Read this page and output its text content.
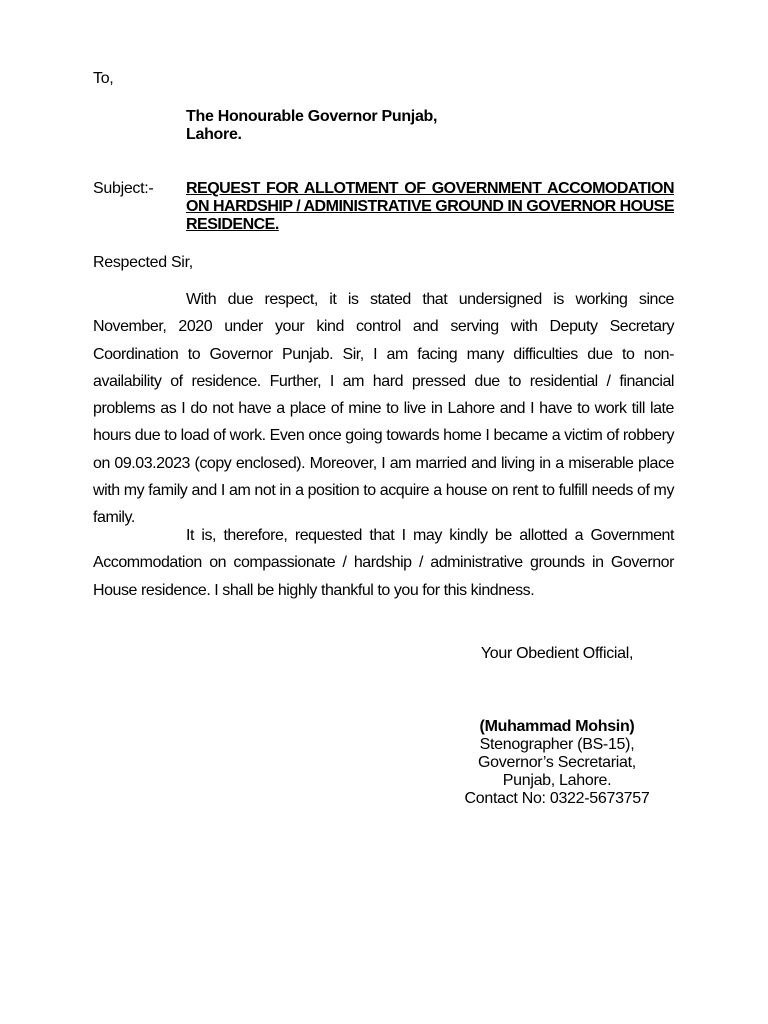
To,
The Honourable Governor Punjab,
Lahore.
Subject:- REQUEST FOR ALLOTMENT OF GOVERNMENT ACCOMODATION ON HARDSHIP / ADMINISTRATIVE GROUND IN GOVERNOR HOUSE RESIDENCE.
Respected Sir,
With due respect, it is stated that undersigned is working since November, 2020 under your kind control and serving with Deputy Secretary Coordination to Governor Punjab. Sir, I am facing many difficulties due to non-availability of residence. Further, I am hard pressed due to residential / financial problems as I do not have a place of mine to live in Lahore and I have to work till late hours due to load of work. Even once going towards home I became a victim of robbery on 09.03.2023 (copy enclosed). Moreover, I am married and living in a miserable place with my family and I am not in a position to acquire a house on rent to fulfill needs of my family.
It is, therefore, requested that I may kindly be allotted a Government Accommodation on compassionate / hardship / administrative grounds in Governor House residence. I shall be highly thankful to you for this kindness.
Your Obedient Official,
(Muhammad Mohsin)
Stenographer (BS-15),
Governor’s Secretariat,
Punjab, Lahore.
Contact No: 0322-5673757
